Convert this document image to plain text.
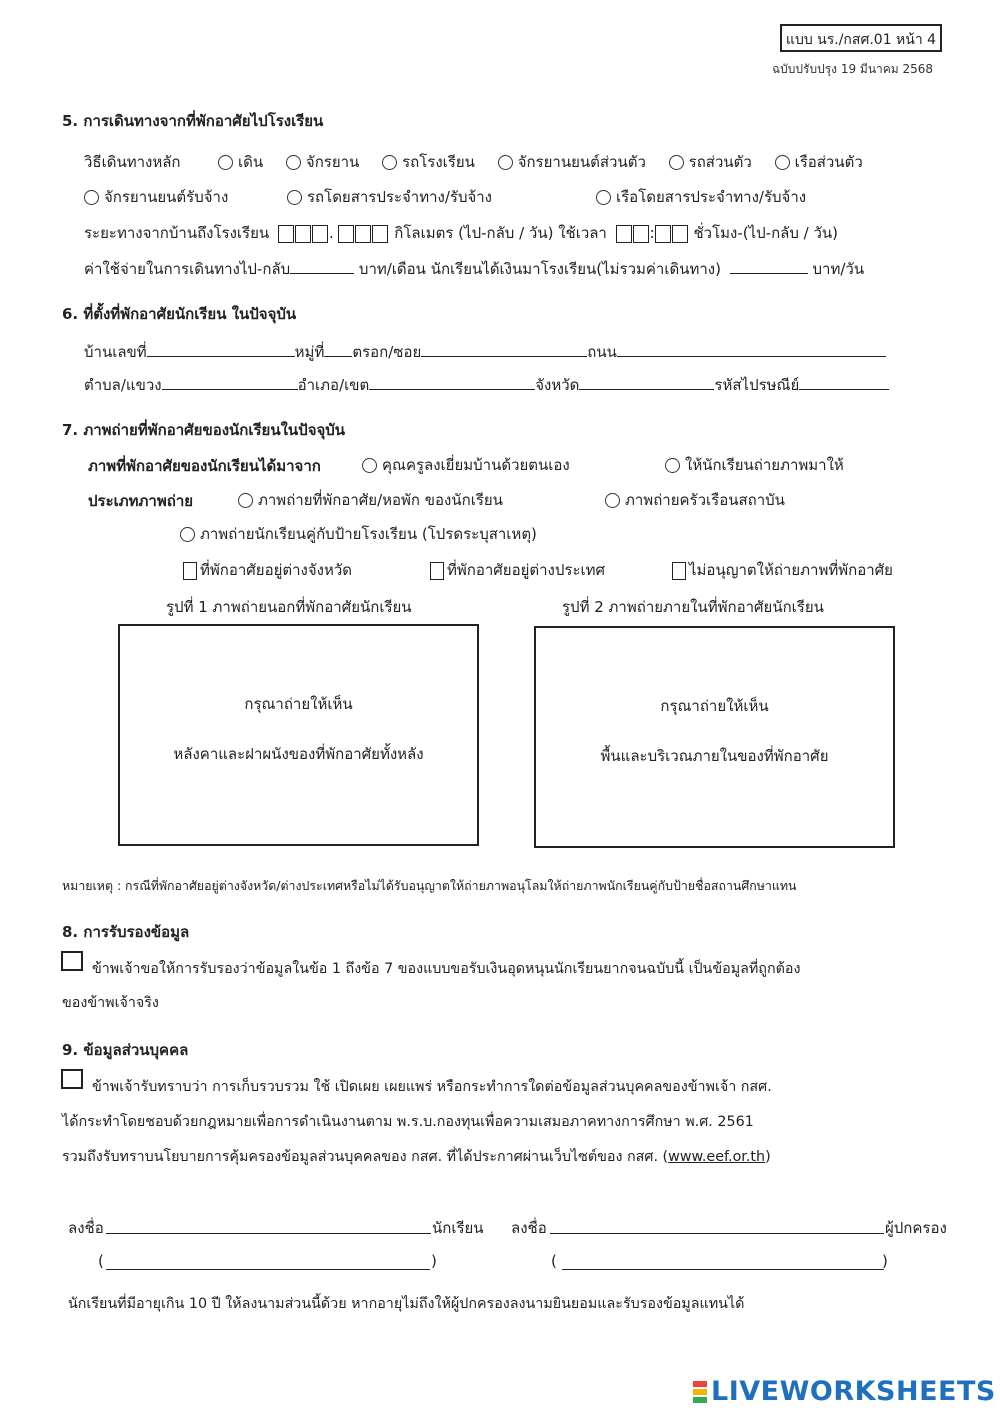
แบบ นร./กสศ.01 หน้า 4
ฉบับปรับปรุง 19 มีนาคม 2568
5. การเดินทางจากที่พักอาศัยไปโรงเรียน
วิธีเดินทางหลัก	เดิน	จักรยาน	รถโรงเรียน	จักรยานยนต์ส่วนตัว	รถส่วนตัว	เรือส่วนตัว
จักรยานยนต์รับจ้าง	รถโดยสารประจำทาง/รับจ้าง	เรือโดยสารประจำทาง/รับจ้าง
ระยะทางจากบ้านถึงโรงเรียน	.	กิโลเมตร (ไป-กลับ / วัน) ใช้เวลา	:	ชั่วโมง-(ไป-กลับ / วัน)
ค่าใช้จ่ายในการเดินทางไป-กลับ	บาท/เดือน นักเรียนได้เงินมาโรงเรียน(ไม่รวมค่าเดินทาง)	บาท/วัน
6. ที่ตั้งที่พักอาศัยนักเรียน ในปัจจุบัน
บ้านเลขที่	หมู่ที่ ตรอก/ซอย	ถนน
ตำบล/แขวง	อำเภอ/เขต	จังหวัด	รหัสไปรษณีย์
7. ภาพถ่ายที่พักอาศัยของนักเรียนในปัจจุบัน
ภาพที่พักอาศัยของนักเรียนได้มาจาก	คุณครูลงเยี่ยมบ้านด้วยตนเอง	ให้นักเรียนถ่ายภาพมาให้
ประเภทภาพถ่าย	ภาพถ่ายที่พักอาศัย/หอพัก ของนักเรียน	ภาพถ่ายครัวเรือนสถาบัน
ภาพถ่ายนักเรียนคู่กับป้ายโรงเรียน (โปรดระบุสาเหตุ)
ที่พักอาศัยอยู่ต่างจังหวัด	ที่พักอาศัยอยู่ต่างประเทศ	ไม่อนุญาตให้ถ่ายภาพที่พักอาศัย
รูปที่ 1 ภาพถ่ายนอกที่พักอาศัยนักเรียน	รูปที่ 2 ภาพถ่ายภายในที่พักอาศัยนักเรียน

กรุณาถ่ายให้เห็น

หลังคาและฝาผนังของที่พักอาศัยทั้งหลัง

กรุณาถ่ายให้เห็น

พื้นและบริเวณภายในของที่พักอาศัย

หมายเหตุ : กรณีที่พักอาศัยอยู่ต่างจังหวัด/ต่างประเทศหรือไม่ได้รับอนุญาตให้ถ่ายภาพอนุโลมให้ถ่ายภาพนักเรียนคู่กับป้ายชื่อสถานศึกษาแทน
8. การรับรองข้อมูล
ข้าพเจ้าขอให้การรับรองว่าข้อมูลในข้อ 1 ถึงข้อ 7 ของแบบขอรับเงินอุดหนุนนักเรียนยากจนฉบับนี้ เป็นข้อมูลที่ถูกต้อง
ของข้าพเจ้าจริง
9. ข้อมูลส่วนบุคคล
ข้าพเจ้ารับทราบว่า การเก็บรวบรวม ใช้ เปิดเผย เผยแพร่ หรือกระทำการใดต่อข้อมูลส่วนบุคคลของข้าพเจ้า กสศ.
ได้กระทำโดยชอบด้วยกฎหมายเพื่อการดำเนินงานตาม พ.ร.บ.กองทุนเพื่อความเสมอภาคทางการศึกษา พ.ศ. 2561
รวมถึงรับทราบนโยบายการคุ้มครองข้อมูลส่วนบุคคลของ กสศ. ที่ได้ประกาศผ่านเว็บไซต์ของ กสศ. (www.eef.or.th)
ลงชื่อ	นักเรียน ลงชื่อ	ผู้ปกครอง
(	)	(	)
นักเรียนที่มีอายุเกิน 10 ปี ให้ลงนามส่วนนี้ด้วย หากอายุไม่ถึงให้ผู้ปกครองลงนามยินยอมและรับรองข้อมูลแทนได้
LIVEWORKSHEETS
